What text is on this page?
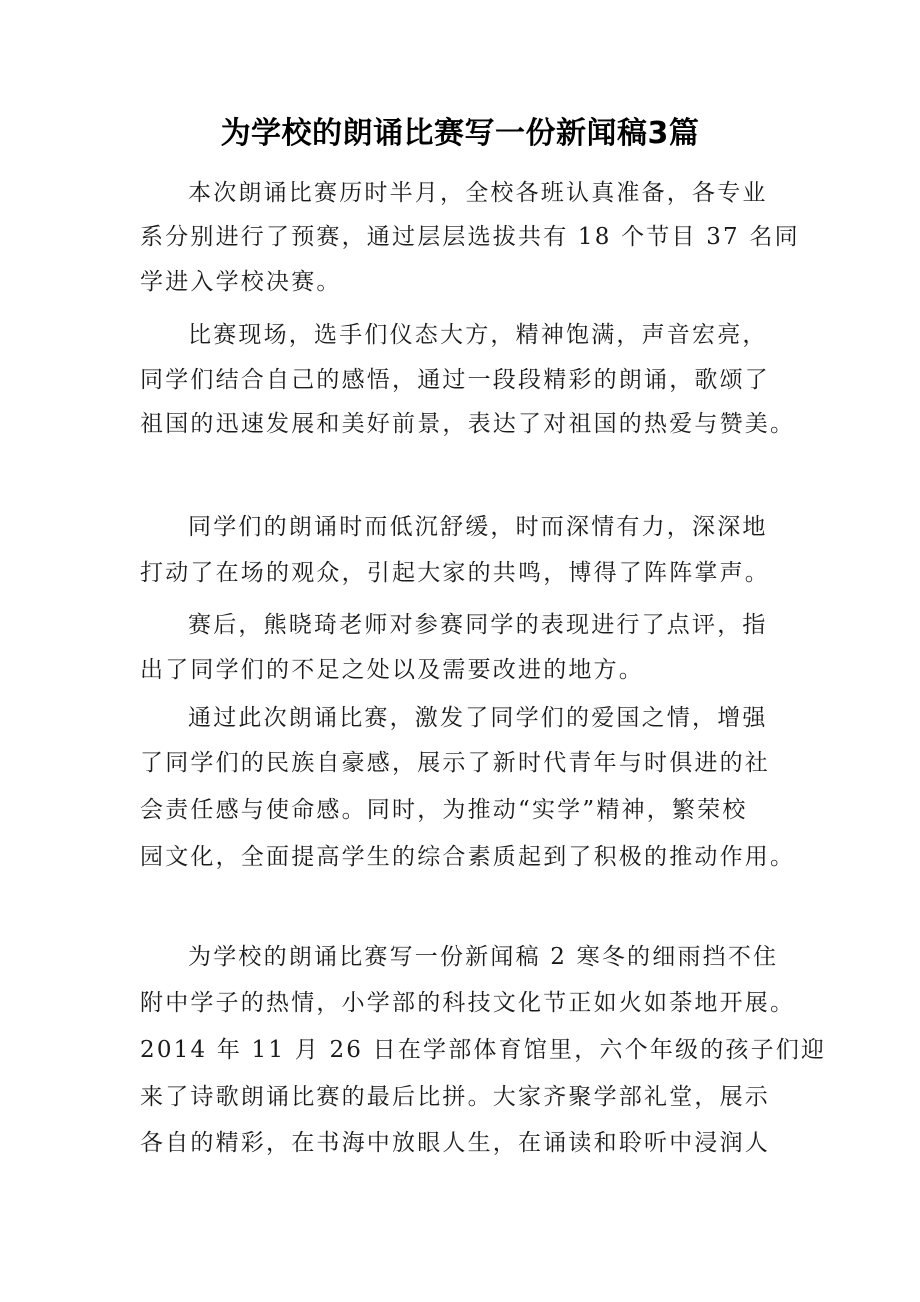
为学校的朗诵比赛写一份新闻稿3篇
本次朗诵比赛历时半月，全校各班认真准备，各专业
系分别进行了预赛，通过层层选拔共有 18 个节目 37 名同
学进入学校决赛。
比赛现场，选手们仪态大方，精神饱满，声音宏亮，
同学们结合自己的感悟，通过一段段精彩的朗诵，歌颂了
祖国的迅速发展和美好前景，表达了对祖国的热爱与赞美。
同学们的朗诵时而低沉舒缓，时而深情有力，深深地
打动了在场的观众，引起大家的共鸣，博得了阵阵掌声。
赛后，熊晓琦老师对参赛同学的表现进行了点评，指
出了同学们的不足之处以及需要改进的地方。
通过此次朗诵比赛，激发了同学们的爱国之情，增强
了同学们的民族自豪感，展示了新时代青年与时俱进的社
会责任感与使命感。同时，为推动“实学”精神，繁荣校
园文化，全面提高学生的综合素质起到了积极的推动作用。
为学校的朗诵比赛写一份新闻稿 2 寒冬的细雨挡不住
附中学子的热情，小学部的科技文化节正如火如荼地开展。
2014 年 11 月 26 日在学部体育馆里，六个年级的孩子们迎
来了诗歌朗诵比赛的最后比拼。大家齐聚学部礼堂，展示
各自的精彩，在书海中放眼人生，在诵读和聆听中浸润人
